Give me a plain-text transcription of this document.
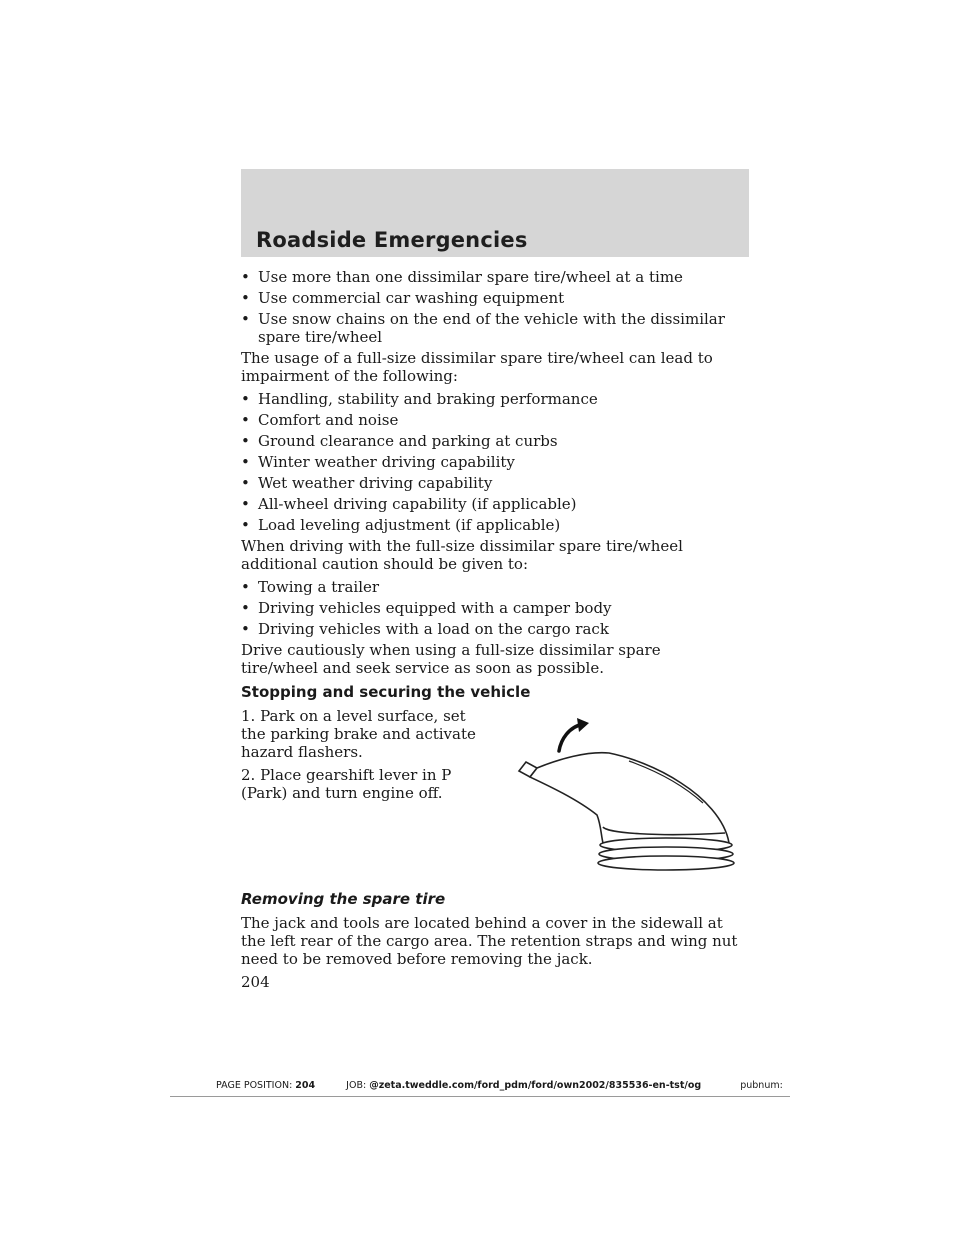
Roadside Emergencies
• Use more than one dissimilar spare tire/wheel at a time
• Use commercial car washing equipment
• Use snow chains on the end of the vehicle with the dissimilar spare tire/wheel

The usage of a full-size dissimilar spare tire/wheel can lead to impairment of the following:

• Handling, stability and braking performance
• Comfort and noise
• Ground clearance and parking at curbs
• Winter weather driving capability
• Wet weather driving capability
• All-wheel driving capability (if applicable)
• Load leveling adjustment (if applicable)

When driving with the full-size dissimilar spare tire/wheel additional caution should be given to:

• Towing a trailer
• Driving vehicles equipped with a camper body
• Driving vehicles with a load on the cargo rack

Drive cautiously when using a full-size dissimilar spare tire/wheel and seek service as soon as possible.

Stopping and securing the vehicle

1. Park on a level surface, set the parking brake and activate hazard flashers.

2. Place gearshift lever in P (Park) and turn engine off.

Removing the spare tire

The jack and tools are located behind a cover in the sidewall at the left rear of the cargo area. The retention straps and wing nut need to be removed before removing the jack.

204

PAGE POSITION: 204	JOB: @zeta.tweddle.com/ford_pdm/ford/own2002/835536-en-tst/og	pubnum:
